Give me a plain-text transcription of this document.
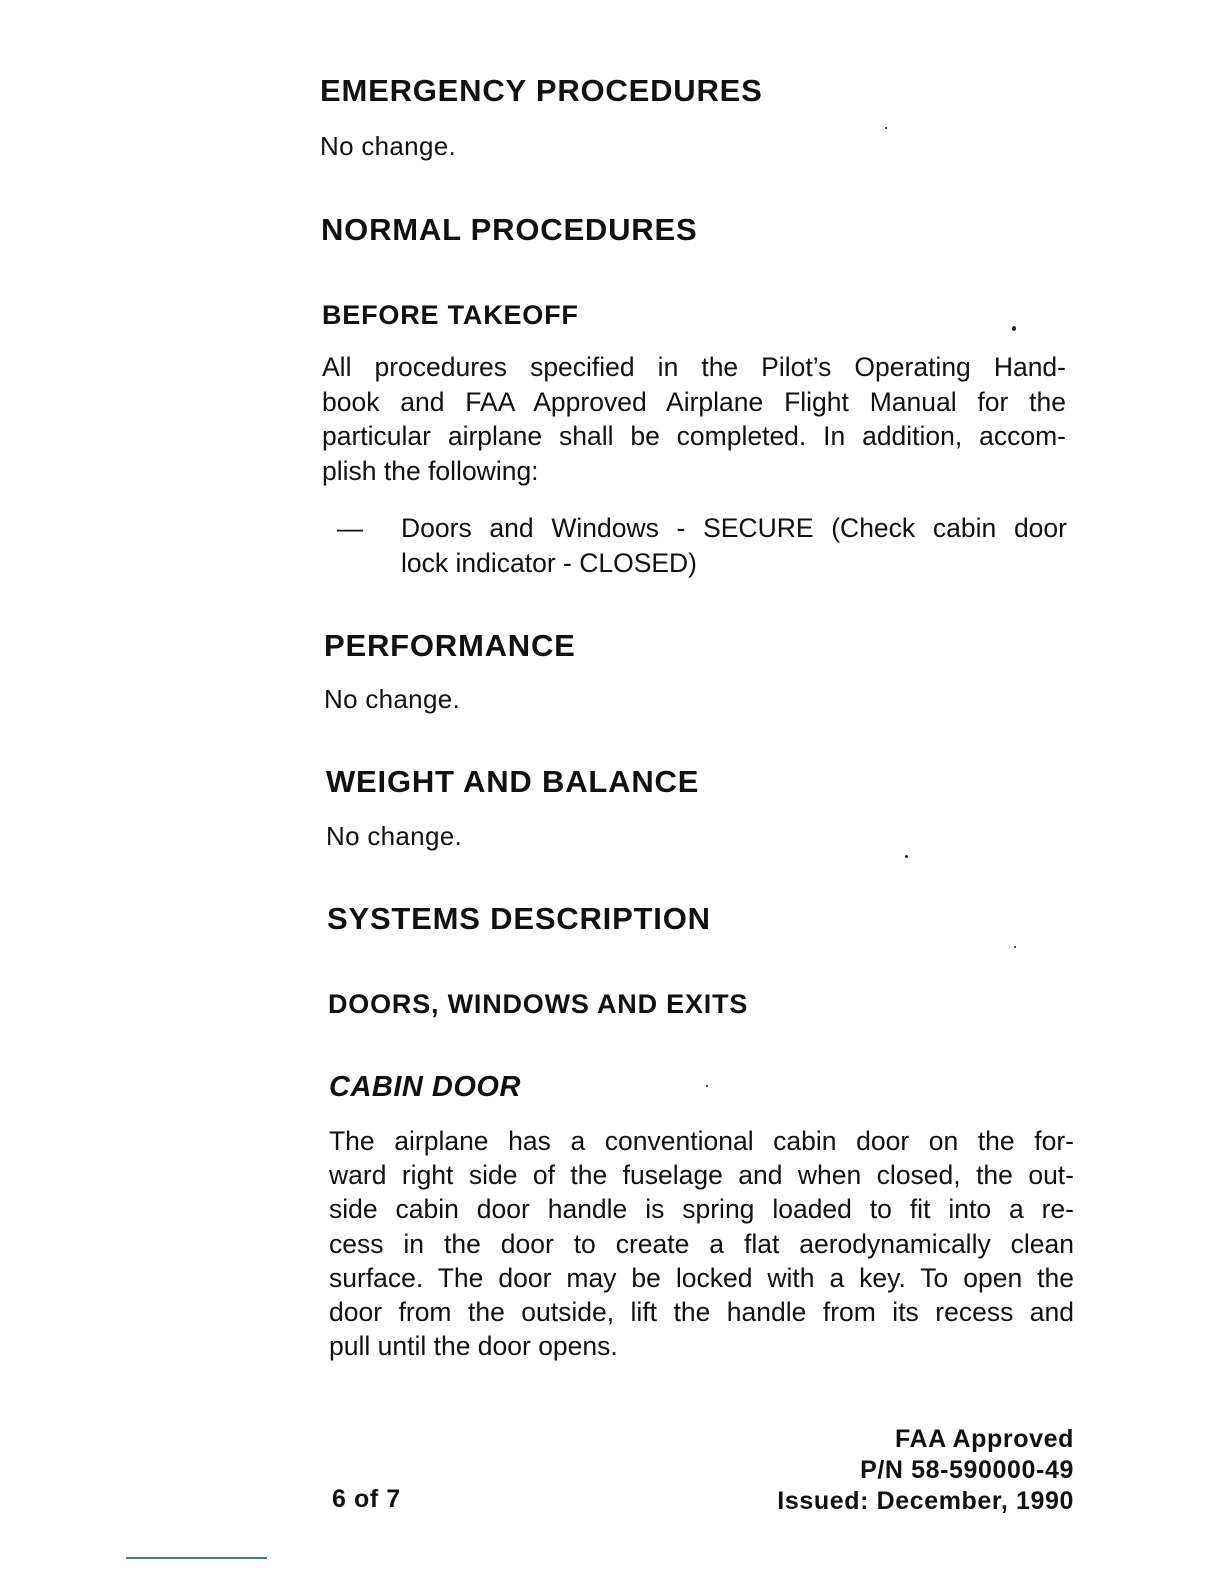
EMERGENCY PROCEDURES

No change.

NORMAL PROCEDURES
BEFORE TAKEOFF
All procedures specified in the Pilot’s Operating Hand-
book and FAA Approved Airplane Flight Manual for the
particular airplane shall be completed. In addition, accom-
plish the following:
— Doors and Windows - SECURE (Check cabin door
lock indicator - CLOSED)
PERFORMANCE

No change.

WEIGHT AND BALANCE

No change.

SYSTEMS DESCRIPTION
DOORS, WINDOWS AND EXITS
CABIN DOOR
The airplane has a conventional cabin door on the for-
ward right side of the fuselage and when closed, the out-
side cabin door handle is spring loaded to fit into a re-
cess in the door to create a flat aerodynamically clean
surface. The door may be locked with a key. To open the
door from the outside, lift the handle from its recess and
pull until the door opens.

6 of 7

FAA Approved

P/N 58-590000-49

Issued: December, 1990
